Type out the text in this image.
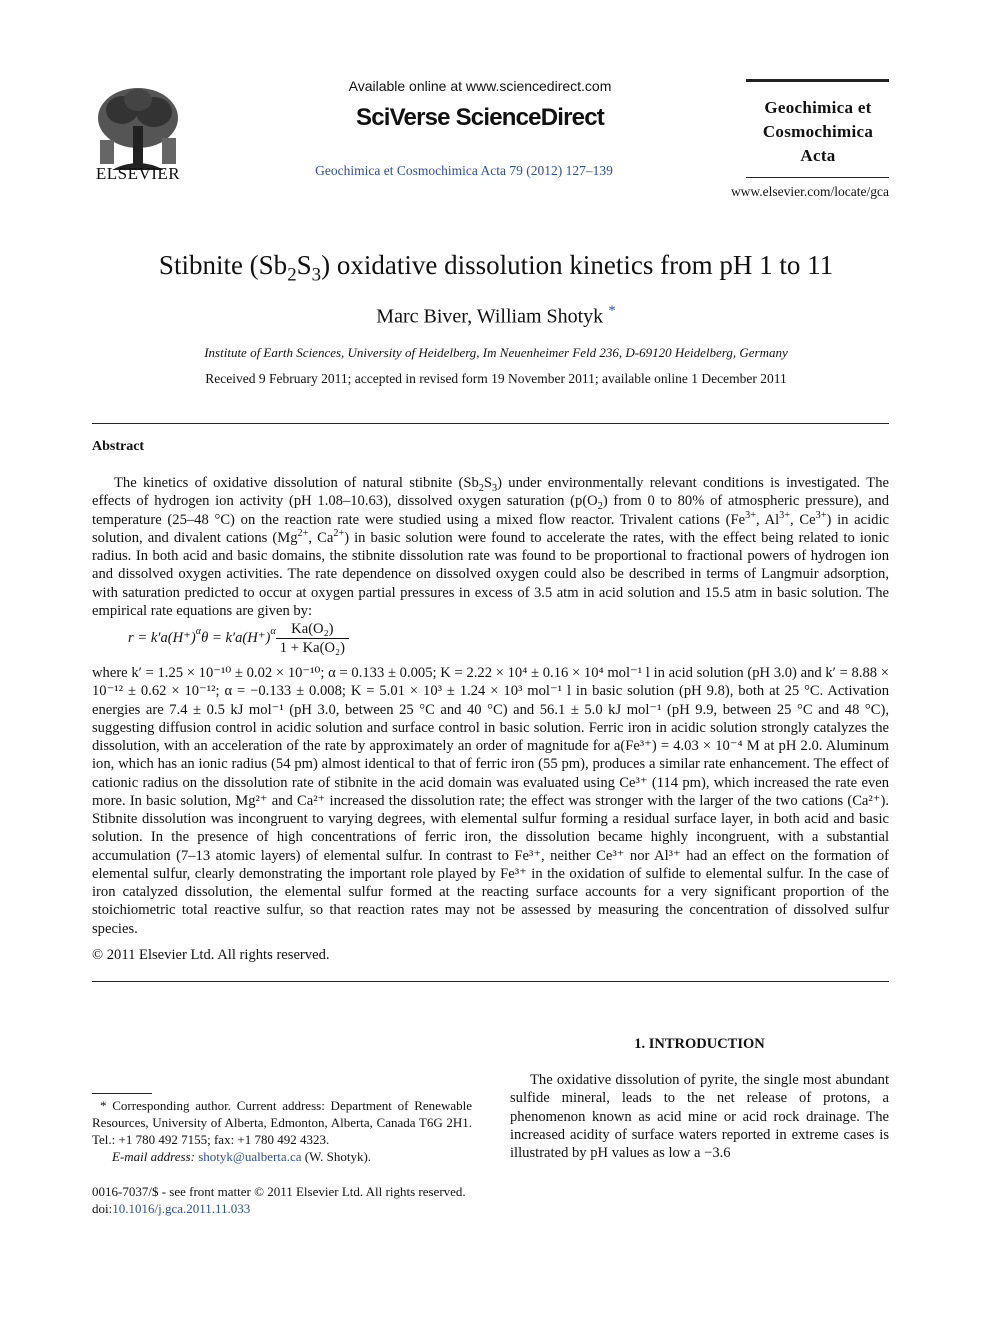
ELSEVIER
Available online at www.sciencedirect.com
SciVerse ScienceDirect
Geochimica et Cosmochimica Acta 79 (2012) 127–139
Geochimica et
Cosmochimica
Acta
www.elsevier.com/locate/gca
Stibnite $(Sb_2S_3)$ oxidative dissolution kinetics from pH 1 to 11
Marc Biver, William Shotyk *
Institute of Earth Sciences, University of Heidelberg, Im Neuenheimer Feld 236, D-69120 Heidelberg, Germany
Received 9 February 2011; accepted in revised form 19 November 2011; available online 1 December 2011
Abstract

The kinetics of oxidative dissolution of natural stibnite $(Sb_2S_3)$ under environmentally relevant conditions is investigated. The effects of hydrogen ion activity (pH 1.08–10.63), dissolved oxygen saturation ($p(O_2)$ from 0 to 80% of atmospheric pressure), and temperature (25–48 °C) on the reaction rate were studied using a mixed flow reactor. Trivalent cations ($Fe^{3+}$, $Al^{3+}$, $Ce^{3+}$) in acidic solution, and divalent cations ($Mg^{2+}$, $Ca^{2+}$) in basic solution were found to accelerate the rates, with the effect being related to ionic radius. In both acid and basic domains, the stibnite dissolution rate was found to be proportional to fractional powers of hydrogen ion and dissolved oxygen activities. The rate dependence on dissolved oxygen could also be described in terms of Langmuir adsorption, with saturation predicted to occur at oxygen partial pressures in excess of 3.5 atm in acid solution and 15.5 atm in basic solution. The empirical rate equations are given by:

$r = k'a(H^+)^\alpha\theta = k'a(H^+)^\alpha \frac{\text{Ka(O₂)}}{\text{1 + Ka(O₂)}}$

where k′ = 1.25 × 10⁻¹⁰ ± 0.02 × 10⁻¹⁰; α = 0.133 ± 0.005; K = 2.22 × 10⁴ ± 0.16 × 10⁴ mol⁻¹ l in acid solution (pH 3.0) and k′ = 8.88 × 10⁻¹² ± 0.62 × 10⁻¹²; α = −0.133 ± 0.008; K = 5.01 × 10³ ± 1.24 × 10³ mol⁻¹ l in basic solution (pH 9.8), both at 25 °C. Activation energies are 7.4 ± 0.5 kJ mol⁻¹ (pH 3.0, between 25 °C and 40 °C) and 56.1 ± 5.0 kJ mol⁻¹ (pH 9.9, between 25 °C and 48 °C), suggesting diffusion control in acidic solution and surface control in basic solution. Ferric iron in acidic solution strongly catalyzes the dissolution, with an acceleration of the rate by approximately an order of magnitude for a(Fe³⁺) = 4.03 × 10⁻⁴ M at pH 2.0. Aluminum ion, which has an ionic radius (54 pm) almost identical to that of ferric iron (55 pm), produces a similar rate enhancement. The effect of cationic radius on the dissolution rate of stibnite in the acid domain was evaluated using Ce³⁺ (114 pm), which increased the rate even more. In basic solution, Mg²⁺ and Ca²⁺ increased the dissolution rate; the effect was stronger with the larger of the two cations (Ca²⁺). Stibnite dissolution was incongruent to varying degrees, with elemental sulfur forming a residual surface layer, in both acid and basic solution. In the presence of high concentrations of ferric iron, the dissolution became highly incongruent, with a substantial accumulation (7–13 atomic layers) of elemental sulfur. In contrast to Fe³⁺, neither Ce³⁺ nor Al³⁺ had an effect on the formation of elemental sulfur, clearly demonstrating the important role played by Fe³⁺ in the oxidation of sulfide to elemental sulfur. In the case of iron catalyzed dissolution, the elemental sulfur formed at the reacting surface accounts for a very significant proportion of the stoichiometric total reactive sulfur, so that reaction rates may not be assessed by measuring the concentration of dissolved sulfur species.

© 2011 Elsevier Ltd. All rights reserved.
1. INTRODUCTION
The oxidative dissolution of pyrite, the single most abundant sulfide mineral, leads to the net release of protons, a phenomenon known as acid mine or acid rock drainage. The increased acidity of surface waters reported in extreme cases is illustrated by pH values as low a −3.6
* Corresponding author. Current address: Department of Renewable Resources, University of Alberta, Edmonton, Alberta, Canada T6G 2H1. Tel.: +1 780 492 7155; fax: +1 780 492 4323.
E-mail address: shotyk@ualberta.ca (W. Shotyk).
0016-7037/$ - see front matter © 2011 Elsevier Ltd. All rights reserved.
doi:10.1016/j.gca.2011.11.033
